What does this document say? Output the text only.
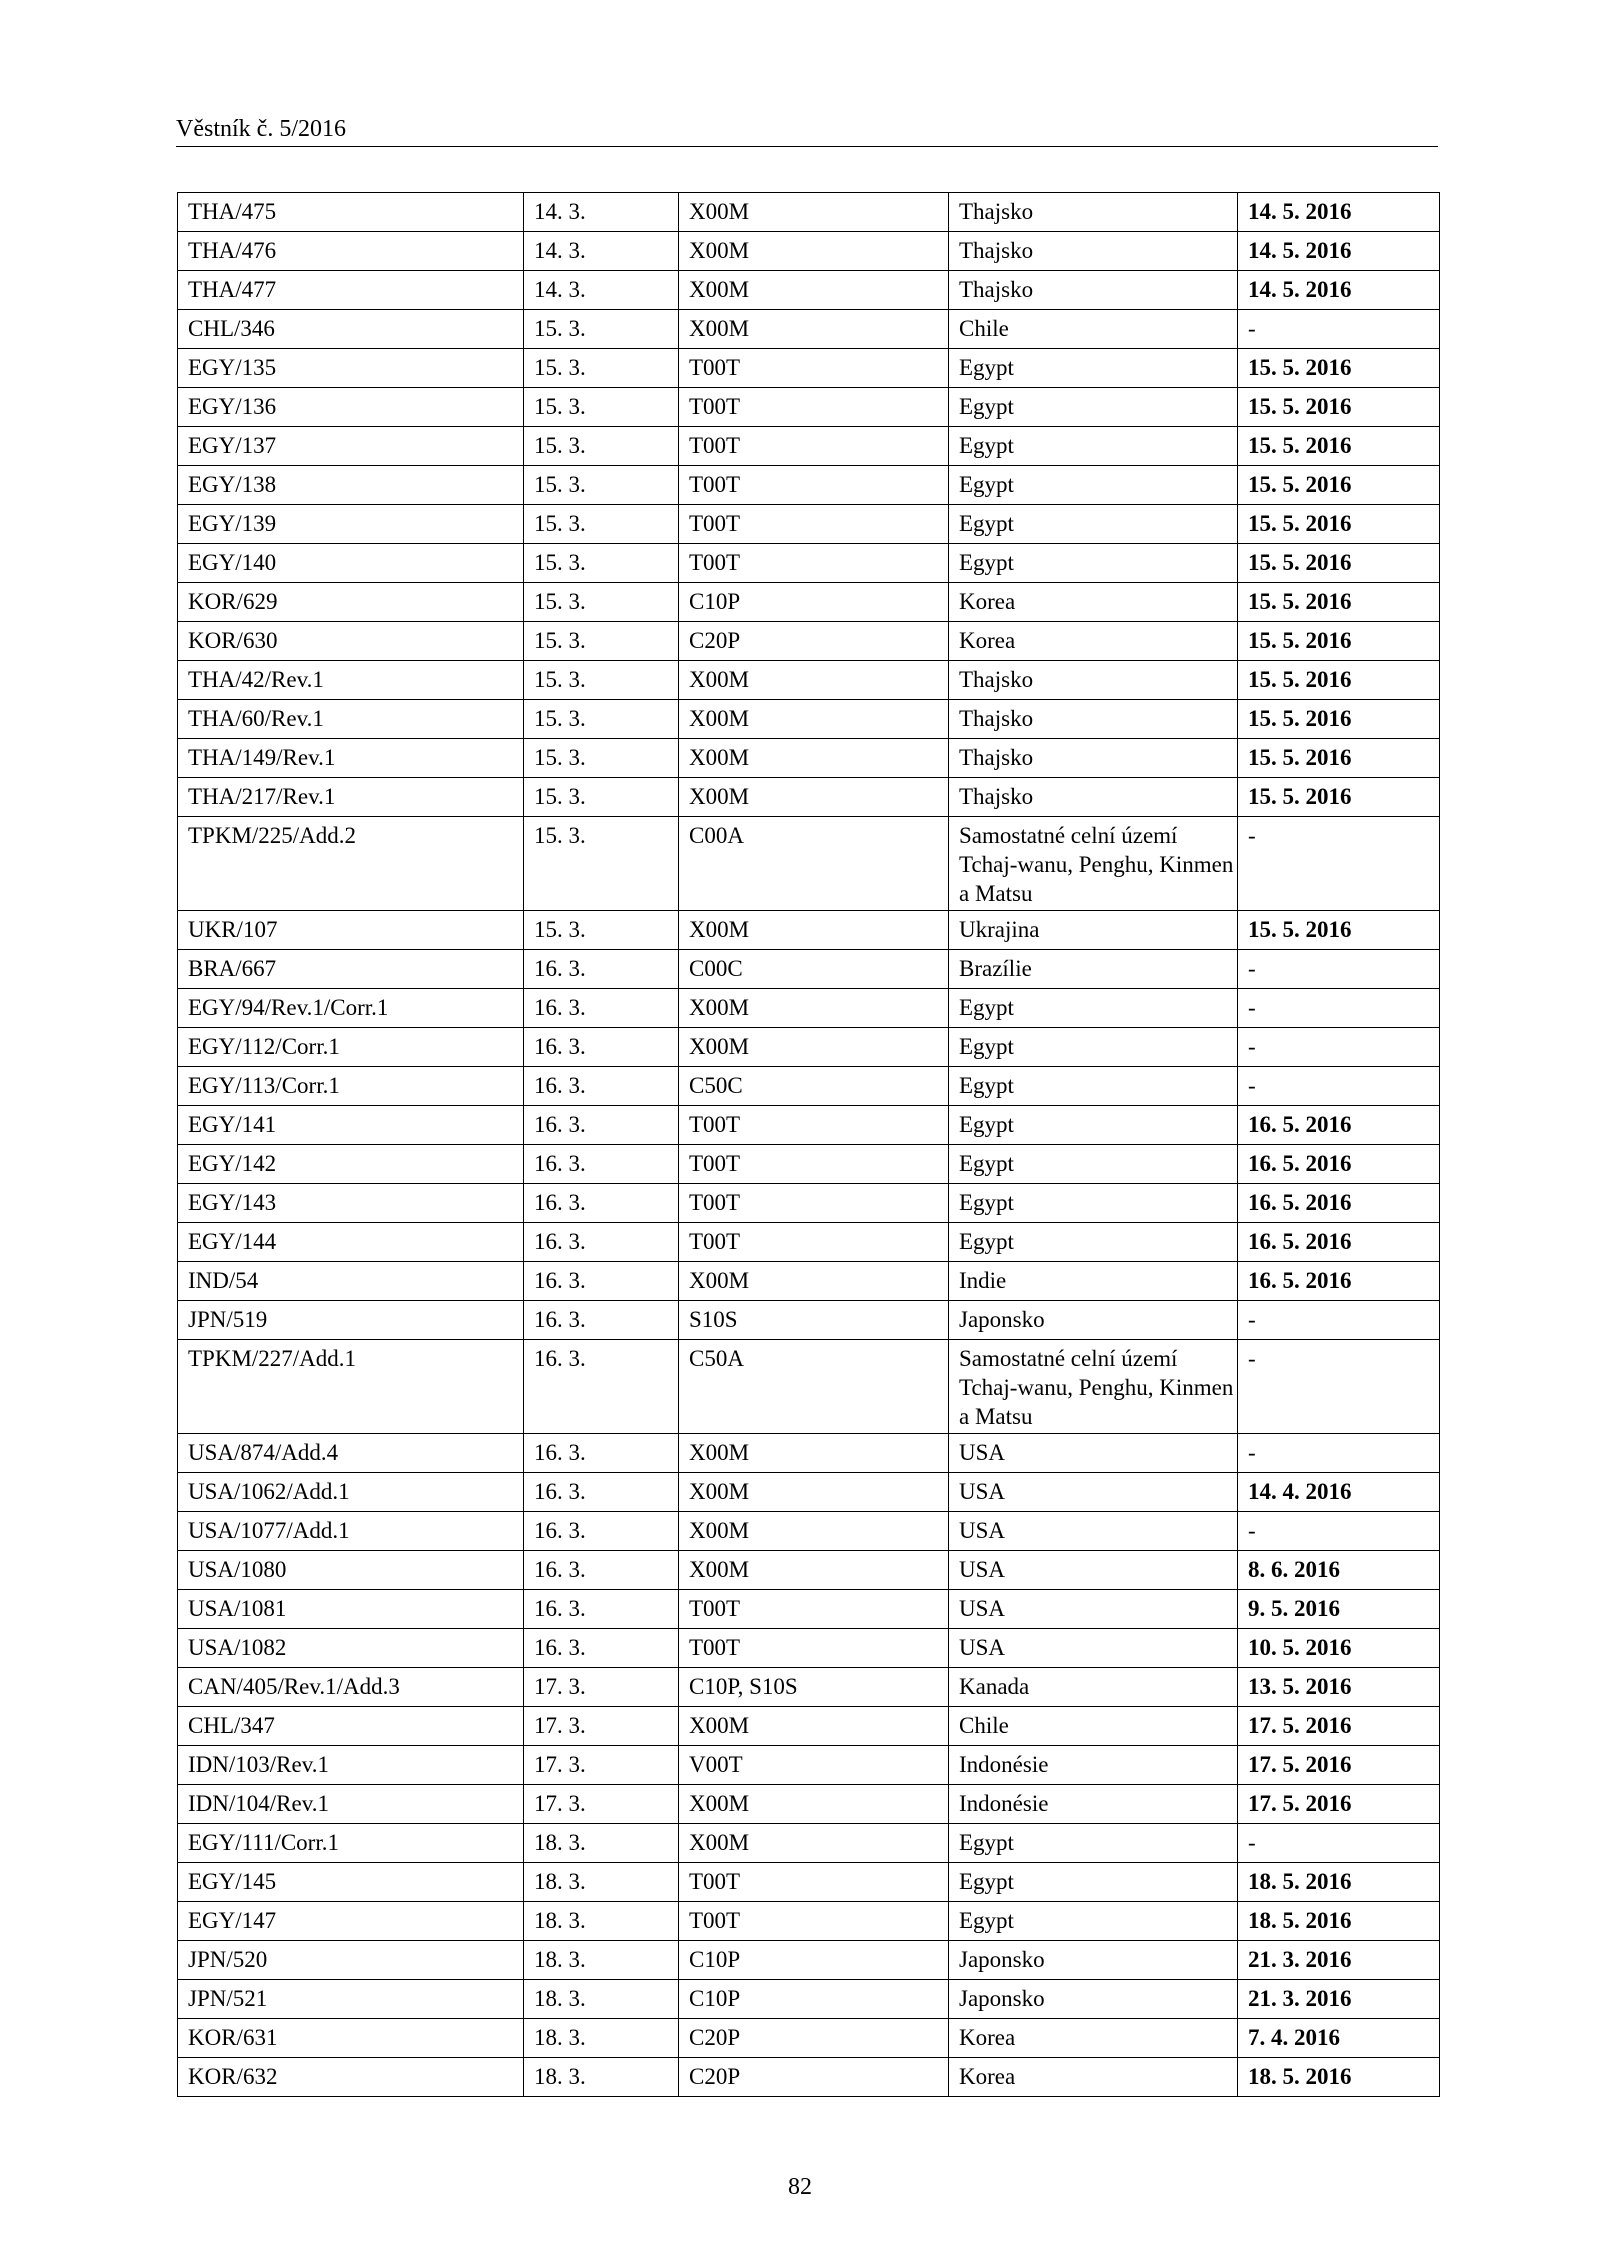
Věstník č. 5/2016
THA/475	14. 3.	X00M	Thajsko	14. 5. 2016
THA/476	14. 3.	X00M	Thajsko	14. 5. 2016
THA/477	14. 3.	X00M	Thajsko	14. 5. 2016
CHL/346	15. 3.	X00M	Chile	-
EGY/135	15. 3.	T00T	Egypt	15. 5. 2016
EGY/136	15. 3.	T00T	Egypt	15. 5. 2016
EGY/137	15. 3.	T00T	Egypt	15. 5. 2016
EGY/138	15. 3.	T00T	Egypt	15. 5. 2016
EGY/139	15. 3.	T00T	Egypt	15. 5. 2016
EGY/140	15. 3.	T00T	Egypt	15. 5. 2016
KOR/629	15. 3.	C10P	Korea	15. 5. 2016
KOR/630	15. 3.	C20P	Korea	15. 5. 2016
THA/42/Rev.1	15. 3.	X00M	Thajsko	15. 5. 2016
THA/60/Rev.1	15. 3.	X00M	Thajsko	15. 5. 2016
THA/149/Rev.1	15. 3.	X00M	Thajsko	15. 5. 2016
THA/217/Rev.1	15. 3.	X00M	Thajsko	15. 5. 2016
TPKM/225/Add.2	15. 3.	C00A	Samostatné celní území Tchaj-wanu, Penghu, Kinmen a Matsu	-
UKR/107	15. 3.	X00M	Ukrajina	15. 5. 2016
BRA/667	16. 3.	C00C	Brazílie	-
EGY/94/Rev.1/Corr.1	16. 3.	X00M	Egypt	-
EGY/112/Corr.1	16. 3.	X00M	Egypt	-
EGY/113/Corr.1	16. 3.	C50C	Egypt	-
EGY/141	16. 3.	T00T	Egypt	16. 5. 2016
EGY/142	16. 3.	T00T	Egypt	16. 5. 2016
EGY/143	16. 3.	T00T	Egypt	16. 5. 2016
EGY/144	16. 3.	T00T	Egypt	16. 5. 2016
IND/54	16. 3.	X00M	Indie	16. 5. 2016
JPN/519	16. 3.	S10S	Japonsko	-
TPKM/227/Add.1	16. 3.	C50A	Samostatné celní území Tchaj-wanu, Penghu, Kinmen a Matsu	-
USA/874/Add.4	16. 3.	X00M	USA	-
USA/1062/Add.1	16. 3.	X00M	USA	14. 4. 2016
USA/1077/Add.1	16. 3.	X00M	USA	-
USA/1080	16. 3.	X00M	USA	8. 6. 2016
USA/1081	16. 3.	T00T	USA	9. 5. 2016
USA/1082	16. 3.	T00T	USA	10. 5. 2016
CAN/405/Rev.1/Add.3	17. 3.	C10P, S10S	Kanada	13. 5. 2016
CHL/347	17. 3.	X00M	Chile	17. 5. 2016
IDN/103/Rev.1	17. 3.	V00T	Indonésie	17. 5. 2016
IDN/104/Rev.1	17. 3.	X00M	Indonésie	17. 5. 2016
EGY/111/Corr.1	18. 3.	X00M	Egypt	-
EGY/145	18. 3.	T00T	Egypt	18. 5. 2016
EGY/147	18. 3.	T00T	Egypt	18. 5. 2016
JPN/520	18. 3.	C10P	Japonsko	21. 3. 2016
JPN/521	18. 3.	C10P	Japonsko	21. 3. 2016
KOR/631	18. 3.	C20P	Korea	7. 4. 2016
KOR/632	18. 3.	C20P	Korea	18. 5. 2016
82
